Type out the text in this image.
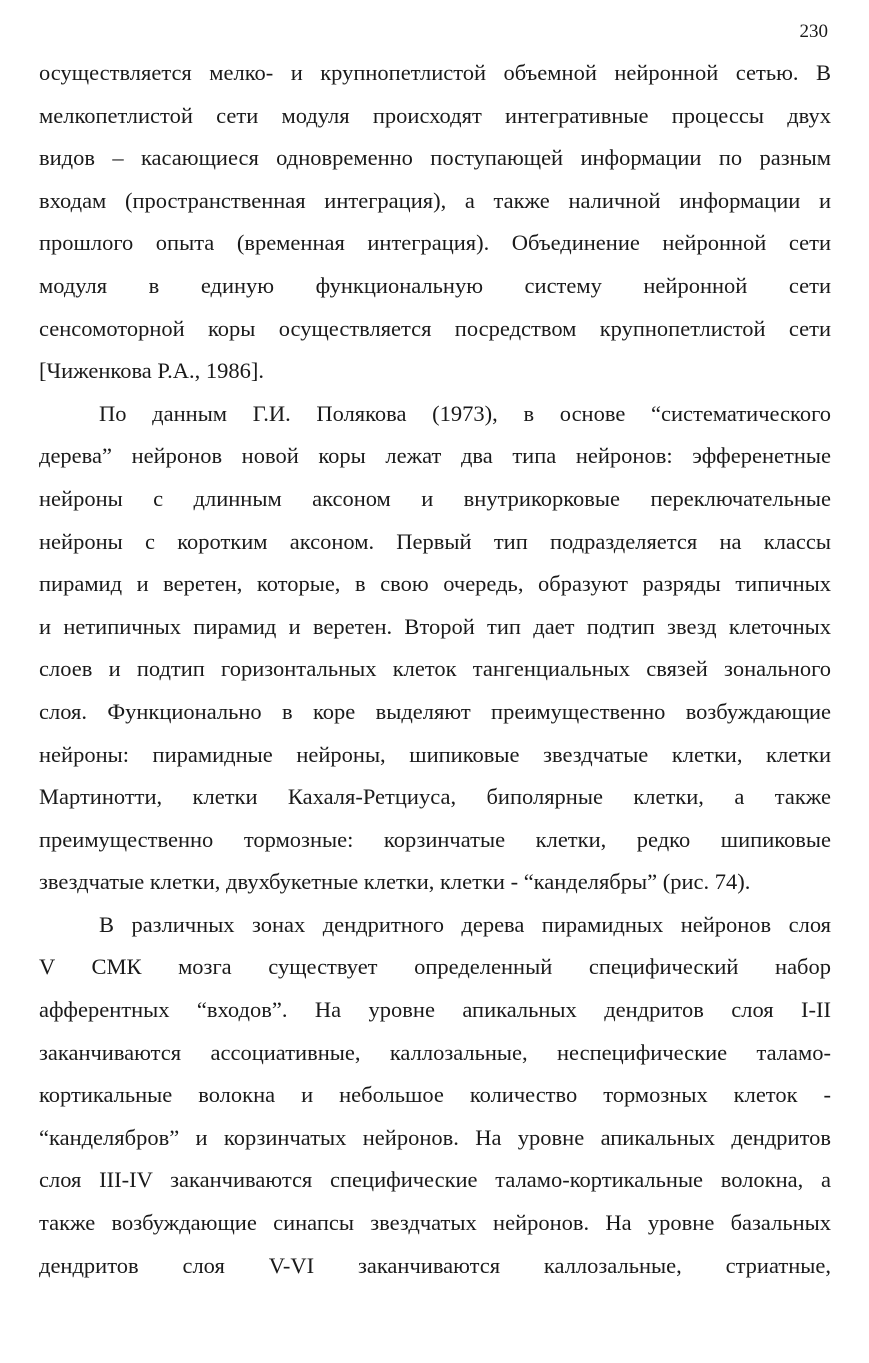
230
осуществляется мелко- и крупнопетлистой объемной нейронной сетью. В
мелкопетлистой сети модуля происходят интегративные процессы двух
видов – касающиеся одновременно поступающей информации по разным
входам (пространственная интеграция), а также наличной информации и
прошлого опыта (временная интеграция). Объединение нейронной сети
модуля в единую функциональную систему нейронной сети
сенсомоторной коры осуществляется посредством крупнопетлистой сети
[Чиженкова Р.А., 1986].
По данным Г.И. Полякова (1973), в основе “систематического
дерева” нейронов новой коры лежат два типа нейронов: эфференетные
нейроны с длинным аксоном и внутрикорковые переключательные
нейроны с коротким аксоном. Первый тип подразделяется на классы
пирамид и веретен, которые, в свою очередь, образуют разряды типичных
и нетипичных пирамид и веретен. Второй тип дает подтип звезд клеточных
слоев и подтип горизонтальных клеток тангенциальных связей зонального
слоя. Функционально в коре выделяют преимущественно возбуждающие
нейроны: пирамидные нейроны, шипиковые звездчатые клетки, клетки
Мартинотти, клетки Кахаля-Ретциуса, биполярные клетки, а также
преимущественно тормозные: корзинчатые клетки, редко шипиковые
звездчатые клетки, двухбукетные клетки, клетки - “канделябры” (рис. 74).
В различных зонах дендритного дерева пирамидных нейронов слоя
V СМК мозга существует определенный специфический набор
афферентных “входов”. На уровне апикальных дендритов слоя I-II
заканчиваются ассоциативные, каллозальные, неспецифические таламо-
кортикальные волокна и небольшое количество тормозных клеток -
“канделябров” и корзинчатых нейронов. На уровне апикальных дендритов
слоя III-IV заканчиваются специфические таламо-кортикальные волокна, а
также возбуждающие синапсы звездчатых нейронов. На уровне базальных
дендритов слоя V-VI заканчиваются каллозальные, стриатные,
